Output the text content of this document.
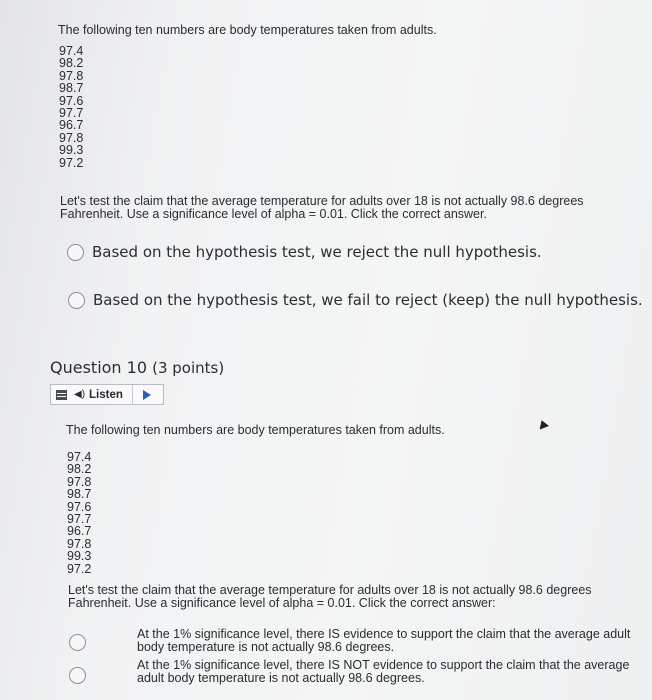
The following ten numbers are body temperatures taken from adults.
97.4
98.2
97.8
98.7
97.6
97.7
96.7
97.8
99.3
97.2
Let's test the claim that the average temperature for adults over 18 is not actually 98.6 degrees
Fahrenheit. Use a significance level of alpha = 0.01. Click the correct answer.
Based on the hypothesis test, we reject the null hypothesis.
Based on the hypothesis test, we fail to reject (keep) the null hypothesis.
Question 10 (3 points)
◀) Listen
The following ten numbers are body temperatures taken from adults.
97.4
98.2
97.8
98.7
97.6
97.7
96.7
97.8
99.3
97.2
Let's test the claim that the average temperature for adults over 18 is not actually 98.6 degrees
Fahrenheit. Use a significance level of alpha = 0.01. Click the correct answer:
At the 1% significance level, there IS evidence to support the claim that the average adult
body temperature is not actually 98.6 degrees.
At the 1% significance level, there IS NOT evidence to support the claim that the average
adult body temperature is not actually 98.6 degrees.
